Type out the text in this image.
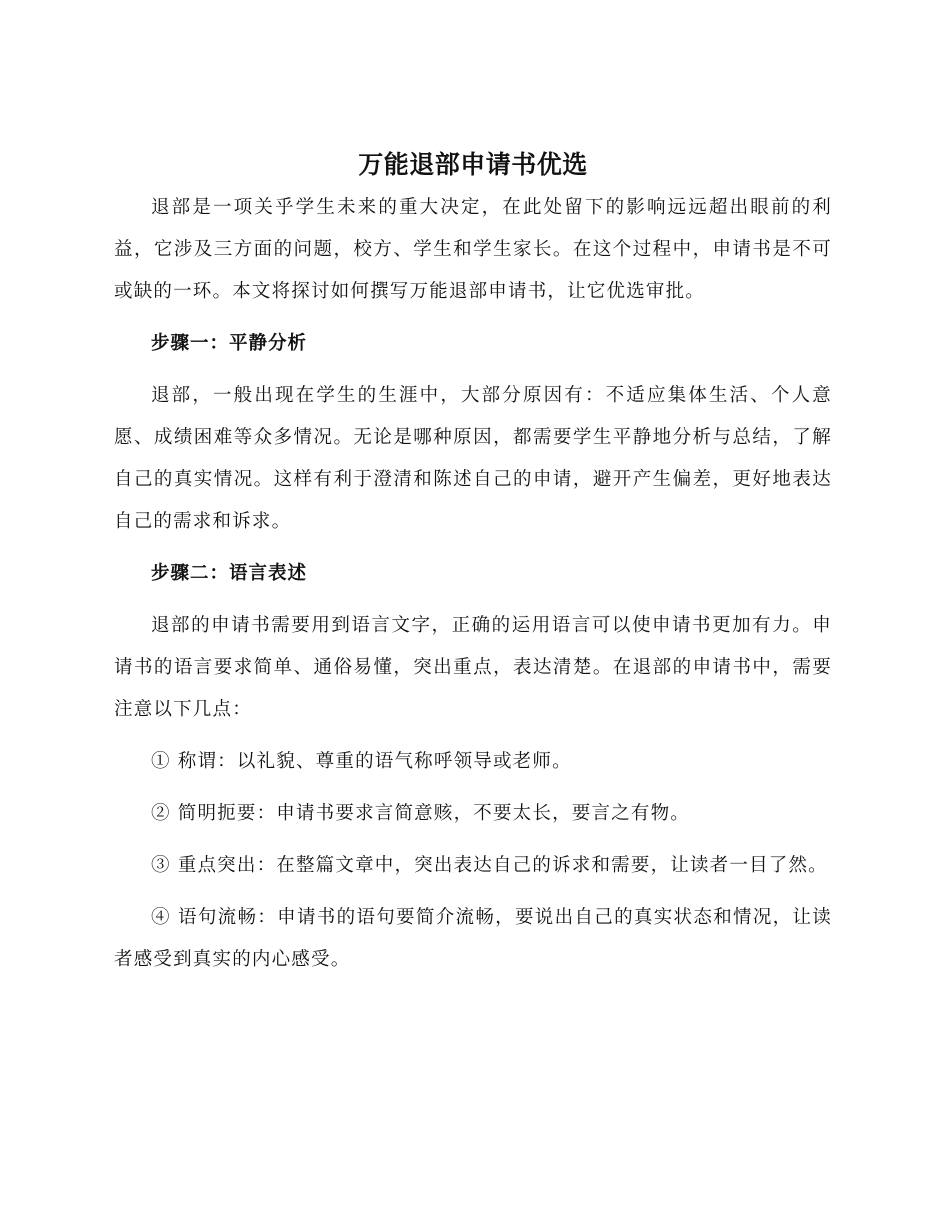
万能退部申请书优选

退部是一项关乎学生未来的重大决定，在此处留下的影响远远超出眼前的利益，它涉及三方面的问题，校方、学生和学生家长。在这个过程中，申请书是不可或缺的一环。本文将探讨如何撰写万能退部申请书，让它优选审批。

步骤一：平静分析

退部，一般出现在学生的生涯中，大部分原因有：不适应集体生活、个人意愿、成绩困难等众多情况。无论是哪种原因，都需要学生平静地分析与总结，了解自己的真实情况。这样有利于澄清和陈述自己的申请，避开产生偏差，更好地表达自己的需求和诉求。

步骤二：语言表述

退部的申请书需要用到语言文字，正确的运用语言可以使申请书更加有力。申请书的语言要求简单、通俗易懂，突出重点，表达清楚。在退部的申请书中，需要注意以下几点：

① 称谓：以礼貌、尊重的语气称呼领导或老师。

② 简明扼要：申请书要求言简意赅，不要太长，要言之有物。

③ 重点突出：在整篇文章中，突出表达自己的诉求和需要，让读者一目了然。

④ 语句流畅：申请书的语句要简介流畅，要说出自己的真实状态和情况，让读者感受到真实的内心感受。
